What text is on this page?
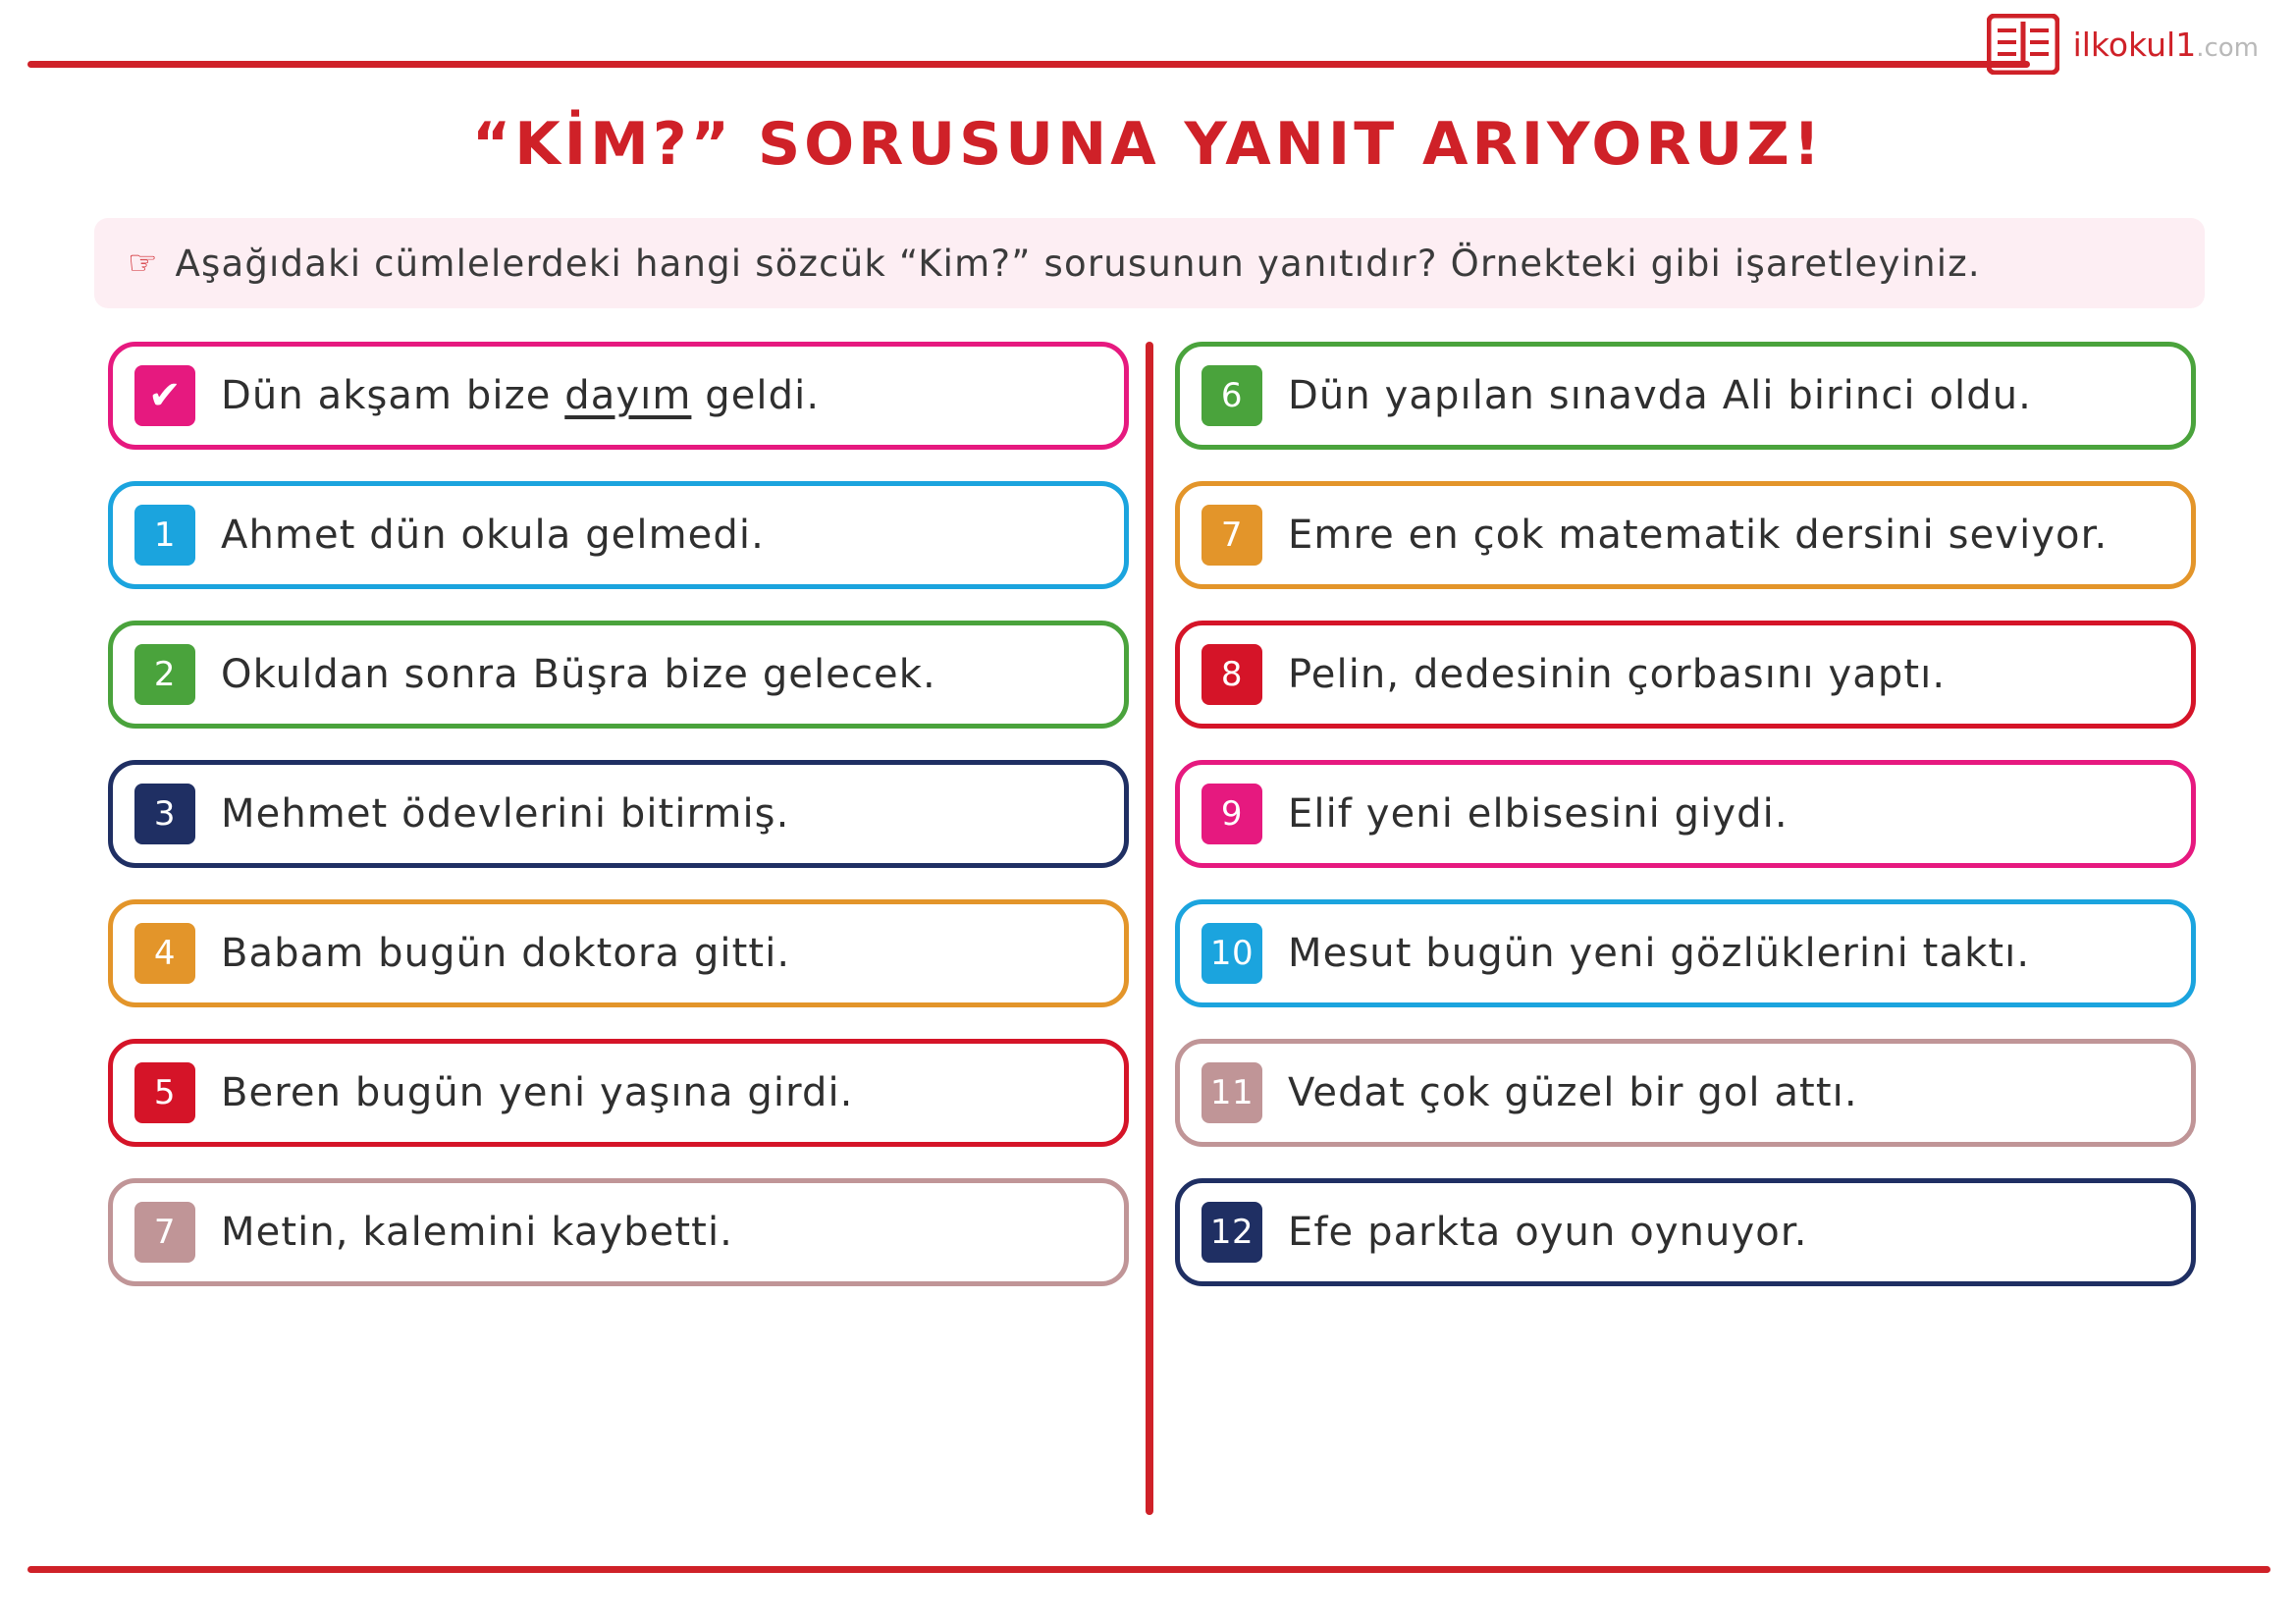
ilkokul1.com
“KİM?” SORUSUNA YANIT ARIYORUZ!
☞ Aşağıdaki cümlelerdeki hangi sözcük “Kim?” sorusunun yanıtıdır? Örnekteki gibi işaretleyiniz.
✔	Dün akşam bize dayım geldi.
1	Ahmet dün okula gelmedi.
2	Okuldan sonra Büşra bize gelecek.
3	Mehmet ödevlerini bitirmiş.
4	Babam bugün doktora gitti.
5	Beren bugün yeni yaşına girdi.
7	Metin, kalemini kaybetti.
6	Dün yapılan sınavda Ali birinci oldu.
7	Emre en çok matematik dersini seviyor.
8	Pelin, dedesinin çorbasını yaptı.
9	Elif yeni elbisesini giydi.
10 Mesut bugün yeni gözlüklerini taktı.
11 Vedat çok güzel bir gol attı.
12 Efe parkta oyun oynuyor.
